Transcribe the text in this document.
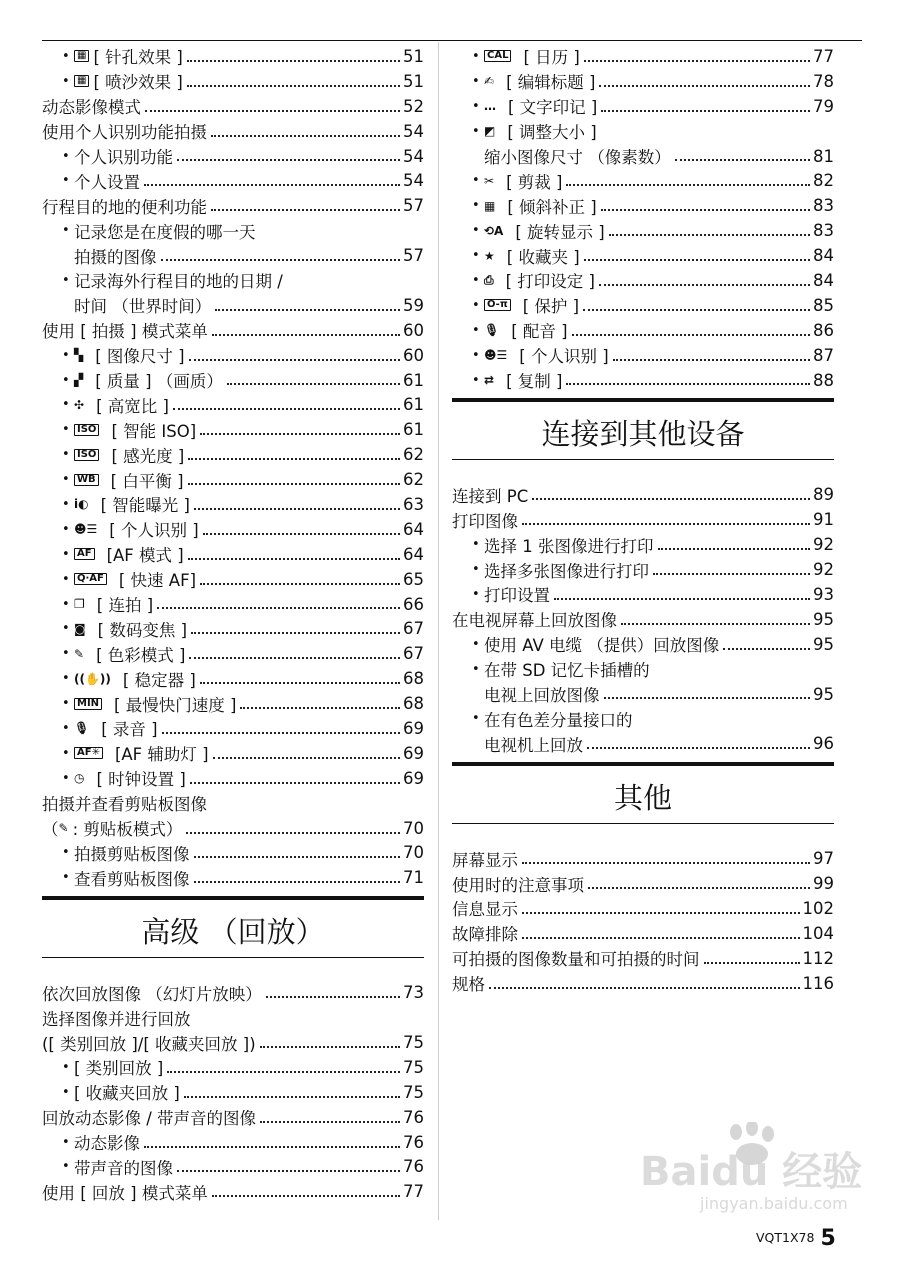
• ▦ [ 针孔效果 ]	51
• ▦ [ 喷沙效果 ]	51
动态影像模式	52
使用个人识别功能拍摄	54
• 个人识别功能	54
• 个人设置	54
行程目的地的便利功能	57
• 记录您是在度假的哪一天
拍摄的图像	57
• 记录海外行程目的地的日期 /
时间 （世界时间）	59
使用 [ 拍摄 ] 模式菜单	60
• ▚ [ 图像尺寸 ]	60
• ▞ [ 质量 ] （画质）	61
• ✣ [ 高宽比 ]	61
• ISO [ 智能 ISO]	61
• ISO [ 感光度 ]	62
• WB [ 白平衡 ]	62
• i◐ [ 智能曝光 ]	63
• ☻☰ [ 个人识别 ]	64
• AF [AF 模式 ]	64
• Q·AF [ 快速 AF]	65
• ❐ [ 连拍 ]	66
• ◙ [ 数码变焦 ]	67
• ✎ [ 色彩模式 ]	67
• ((✋)) [ 稳定器 ]	68
• MIN [ 最慢快门速度 ]	68
• 🎙 [ 录音 ]	69
• AF✳ [AF 辅助灯 ]	69
• ◷ [ 时钟设置 ]	69
拍摄并查看剪贴板图像
（ ✎ : 剪贴板模式）	70
• 拍摄剪贴板图像	70
• 查看剪贴板图像	71
高级 （回放）
依次回放图像 （幻灯片放映）	73
选择图像并进行回放
([ 类别回放 ]/[ 收藏夹回放 ])	75
• [ 类别回放 ]	75
• [ 收藏夹回放 ]	75
回放动态影像 / 带声音的图像	76
• 动态影像	76
• 带声音的图像	76
使用 [ 回放 ] 模式菜单	77
• CAL [ 日历 ]	77
• ✍ [ 编辑标题 ]	78
• … [ 文字印记 ]	79
• ◩ [ 调整大小 ]
缩小图像尺寸 （像素数）	81
• ✂ [ 剪裁 ]	82
• ▦ [ 倾斜补正 ]	83
• ⟲A [ 旋转显示 ]	83
• ★ [ 收藏夹 ]	84
• ⎙ [ 打印设定 ]	84
• O-π [ 保护 ]	85
• 🎙 [ 配音 ]	86
• ☻☰ [ 个人识别 ]	87
• ⇄ [ 复制 ]	88
连接到其他设备
连接到 PC	89
打印图像	91
• 选择 1 张图像进行打印	92
• 选择多张图像进行打印	92
• 打印设置	93
在电视屏幕上回放图像	95
• 使用 AV 电缆 （提供）回放图像	95
• 在带 SD 记忆卡插槽的
电视上回放图像	95
• 在有色差分量接口的
电视机上回放	96
其他
屏幕显示	97
使用时的注意事项	99
信息显示	102
故障排除	104
可拍摄的图像数量和可拍摄的时间	112
规格	116
Baidu 经验
jingyan.baidu.com
VQT1X78 5
